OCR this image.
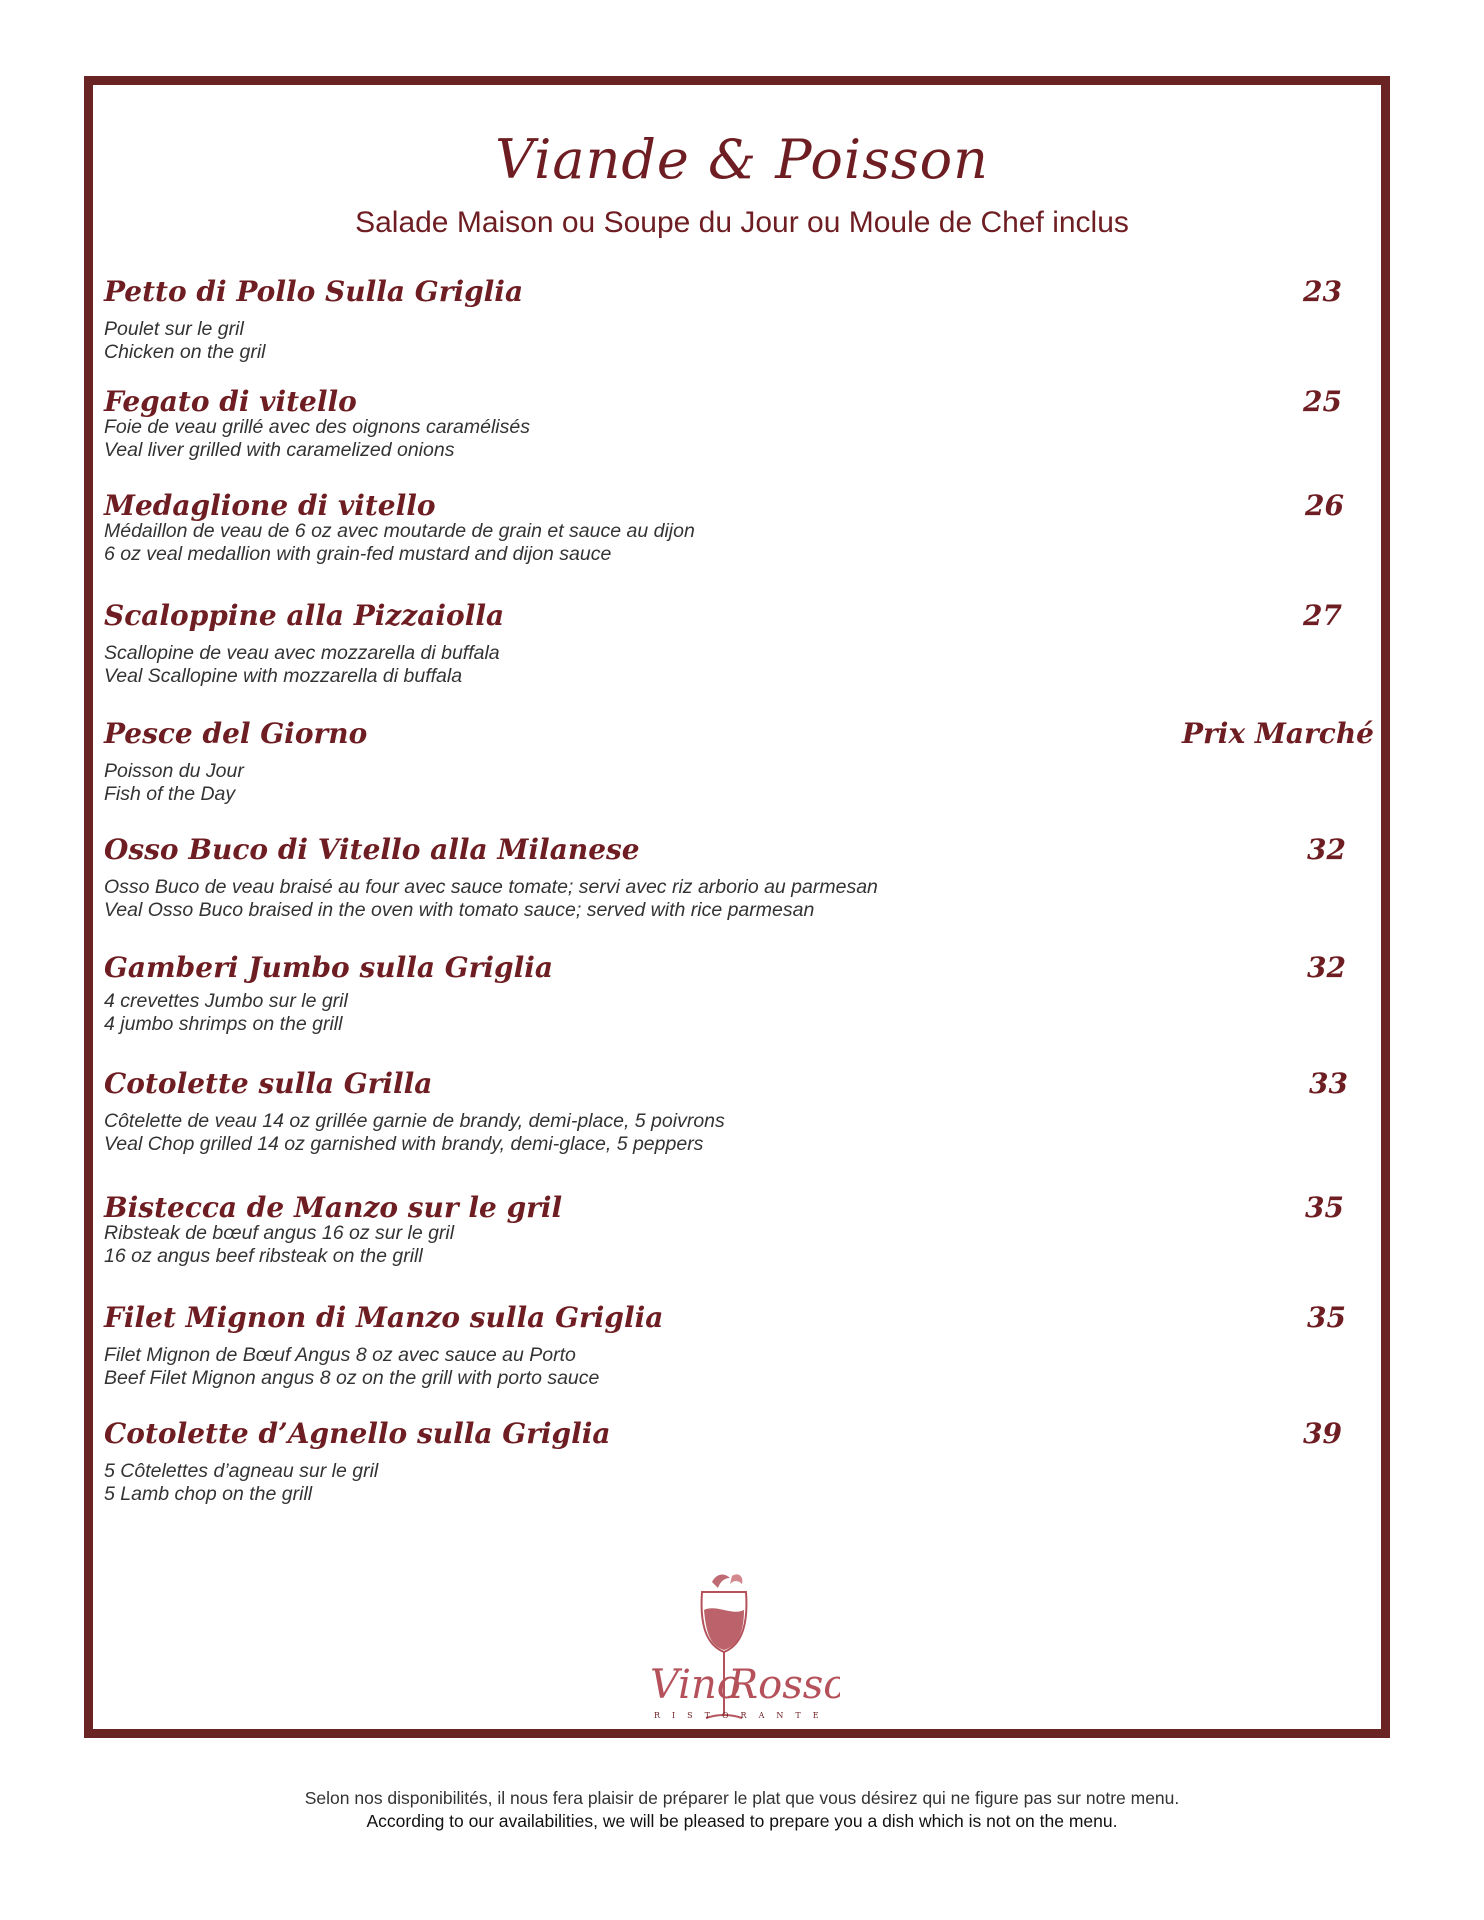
Viande & Poisson
Salade Maison ou Soupe du Jour ou Moule de Chef inclus
Petto di Pollo Sulla Griglia	23
Poulet sur le gril
Chicken on the gril
Fegato di vitello	25
Foie de veau grillé avec des oignons caramélisés
Veal liver grilled with caramelized onions
Medaglione di vitello	26
Médaillon de veau de 6 oz avec moutarde de grain et sauce au dijon
6 oz veal medallion with grain-fed mustard and dijon sauce
Scaloppine alla Pizzaiolla	27
Scallopine de veau avec mozzarella di buffala
Veal Scallopine with mozzarella di buffala
Pesce del Giorno	Prix Marché
Poisson du Jour
Fish of the Day
Osso Buco di Vitello alla Milanese	32
Osso Buco de veau braisé au four avec sauce tomate; servi avec riz arborio au parmesan
Veal Osso Buco braised in the oven with tomato sauce; served with rice parmesan
Gamberi Jumbo sulla Griglia	32
4 crevettes Jumbo sur le gril
4 jumbo shrimps on the grill
Cotolette sulla Grilla	33
Côtelette de veau 14 oz grillée garnie de brandy, demi-place, 5 poivrons
Veal Chop grilled 14 oz garnished with brandy, demi-glace, 5 peppers
Bistecca de Manzo sur le gril	35
Ribsteak de bœuf angus 16 oz sur le gril
16 oz angus beef ribsteak on the grill
Filet Mignon di Manzo sulla Griglia	35
Filet Mignon de Bœuf Angus 8 oz avec sauce au Porto
Beef Filet Mignon angus 8 oz on the grill with porto sauce
Cotolette d’Agnello sulla Griglia	39
5 Côtelettes d’agneau sur le gril
5 Lamb chop on the grill
Vino
Rosso
RISTORANTE
Selon nos disponibilités, il nous fera plaisir de préparer le plat que vous désirez qui ne figure pas sur notre menu.
According to our availabilities, we will be pleased to prepare you a dish which is not on the menu.
